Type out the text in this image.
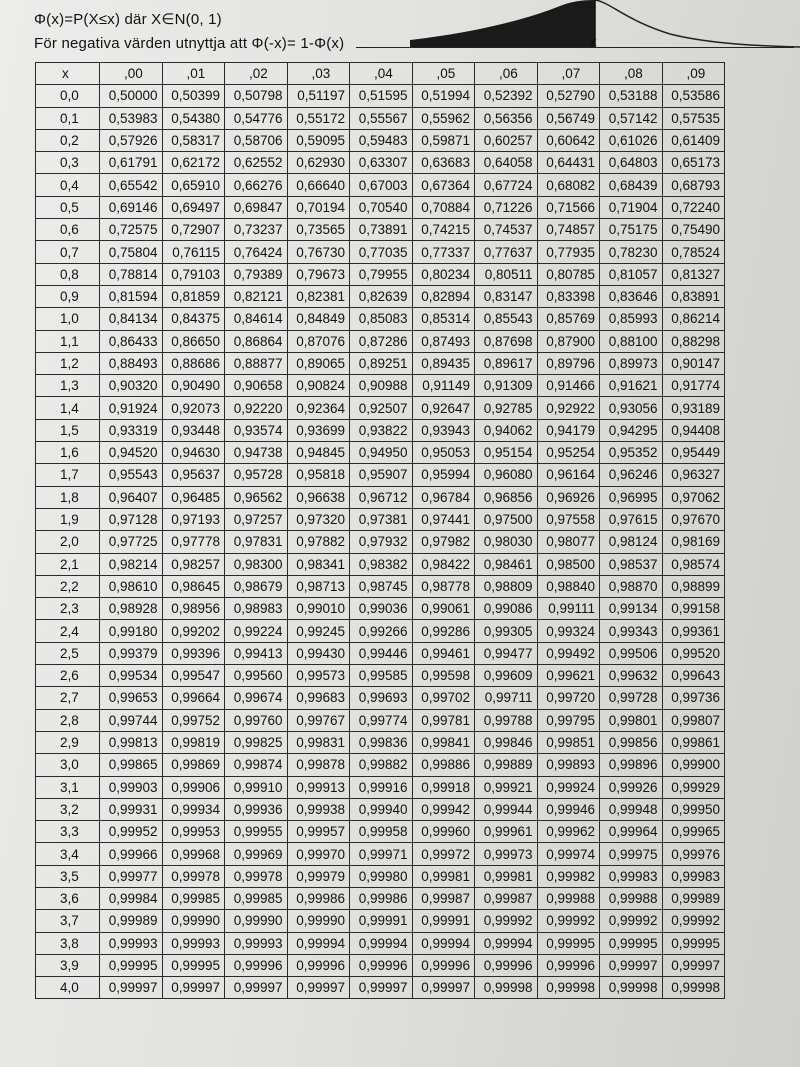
Φ(x)=P(X≤x) där X∈N(0, 1)
För negativa värden utnyttja att Φ(-x)= 1-Φ(x)	x
x	,00	,01	,02	,03	,04	,05	,06	,07	,08	,09
0,0	0,50000	0,50399	0,50798	0,51197	0,51595	0,51994	0,52392	0,52790	0,53188	0,53586
0,1	0,53983	0,54380	0,54776	0,55172	0,55567	0,55962	0,56356	0,56749	0,57142	0,57535
0,2	0,57926	0,58317	0,58706	0,59095	0,59483	0,59871	0,60257	0,60642	0,61026	0,61409
0,3	0,61791	0,62172	0,62552	0,62930	0,63307	0,63683	0,64058	0,64431	0,64803	0,65173
0,4	0,65542	0,65910	0,66276	0,66640	0,67003	0,67364	0,67724	0,68082	0,68439	0,68793
0,5	0,69146	0,69497	0,69847	0,70194	0,70540	0,70884	0,71226	0,71566	0,71904	0,72240
0,6	0,72575	0,72907	0,73237	0,73565	0,73891	0,74215	0,74537	0,74857	0,75175	0,75490
0,7	0,75804	0,76115	0,76424	0,76730	0,77035	0,77337	0,77637	0,77935	0,78230	0,78524
0,8	0,78814	0,79103	0,79389	0,79673	0,79955	0,80234	0,80511	0,80785	0,81057	0,81327
0,9	0,81594	0,81859	0,82121	0,82381	0,82639	0,82894	0,83147	0,83398	0,83646	0,83891
1,0	0,84134	0,84375	0,84614	0,84849	0,85083	0,85314	0,85543	0,85769	0,85993	0,86214
1,1	0,86433	0,86650	0,86864	0,87076	0,87286	0,87493	0,87698	0,87900	0,88100	0,88298
1,2	0,88493	0,88686	0,88877	0,89065	0,89251	0,89435	0,89617	0,89796	0,89973	0,90147
1,3	0,90320	0,90490	0,90658	0,90824	0,90988	0,91149	0,91309	0,91466	0,91621	0,91774
1,4	0,91924	0,92073	0,92220	0,92364	0,92507	0,92647	0,92785	0,92922	0,93056	0,93189
1,5	0,93319	0,93448	0,93574	0,93699	0,93822	0,93943	0,94062	0,94179	0,94295	0,94408
1,6	0,94520	0,94630	0,94738	0,94845	0,94950	0,95053	0,95154	0,95254	0,95352	0,95449
1,7	0,95543	0,95637	0,95728	0,95818	0,95907	0,95994	0,96080	0,96164	0,96246	0,96327
1,8	0,96407	0,96485	0,96562	0,96638	0,96712	0,96784	0,96856	0,96926	0,96995	0,97062
1,9	0,97128	0,97193	0,97257	0,97320	0,97381	0,97441	0,97500	0,97558	0,97615	0,97670
2,0	0,97725	0,97778	0,97831	0,97882	0,97932	0,97982	0,98030	0,98077	0,98124	0,98169
2,1	0,98214	0,98257	0,98300	0,98341	0,98382	0,98422	0,98461	0,98500	0,98537	0,98574
2,2	0,98610	0,98645	0,98679	0,98713	0,98745	0,98778	0,98809	0,98840	0,98870	0,98899
2,3	0,98928	0,98956	0,98983	0,99010	0,99036	0,99061	0,99086	0,99111	0,99134	0,99158
2,4	0,99180	0,99202	0,99224	0,99245	0,99266	0,99286	0,99305	0,99324	0,99343	0,99361
2,5	0,99379	0,99396	0,99413	0,99430	0,99446	0,99461	0,99477	0,99492	0,99506	0,99520
2,6	0,99534	0,99547	0,99560	0,99573	0,99585	0,99598	0,99609	0,99621	0,99632	0,99643
2,7	0,99653	0,99664	0,99674	0,99683	0,99693	0,99702	0,99711	0,99720	0,99728	0,99736
2,8	0,99744	0,99752	0,99760	0,99767	0,99774	0,99781	0,99788	0,99795	0,99801	0,99807
2,9	0,99813	0,99819	0,99825	0,99831	0,99836	0,99841	0,99846	0,99851	0,99856	0,99861
3,0	0,99865	0,99869	0,99874	0,99878	0,99882	0,99886	0,99889	0,99893	0,99896	0,99900
3,1	0,99903	0,99906	0,99910	0,99913	0,99916	0,99918	0,99921	0,99924	0,99926	0,99929
3,2	0,99931	0,99934	0,99936	0,99938	0,99940	0,99942	0,99944	0,99946	0,99948	0,99950
3,3	0,99952	0,99953	0,99955	0,99957	0,99958	0,99960	0,99961	0,99962	0,99964	0,99965
3,4	0,99966	0,99968	0,99969	0,99970	0,99971	0,99972	0,99973	0,99974	0,99975	0,99976
3,5	0,99977	0,99978	0,99978	0,99979	0,99980	0,99981	0,99981	0,99982	0,99983	0,99983
3,6	0,99984	0,99985	0,99985	0,99986	0,99986	0,99987	0,99987	0,99988	0,99988	0,99989
3,7	0,99989	0,99990	0,99990	0,99990	0,99991	0,99991	0,99992	0,99992	0,99992	0,99992
3,8	0,99993	0,99993	0,99993	0,99994	0,99994	0,99994	0,99994	0,99995	0,99995	0,99995
3,9	0,99995	0,99995	0,99996	0,99996	0,99996	0,99996	0,99996	0,99996	0,99997	0,99997
4,0	0,99997	0,99997	0,99997	0,99997	0,99997	0,99997	0,99998	0,99998	0,99998	0,99998
